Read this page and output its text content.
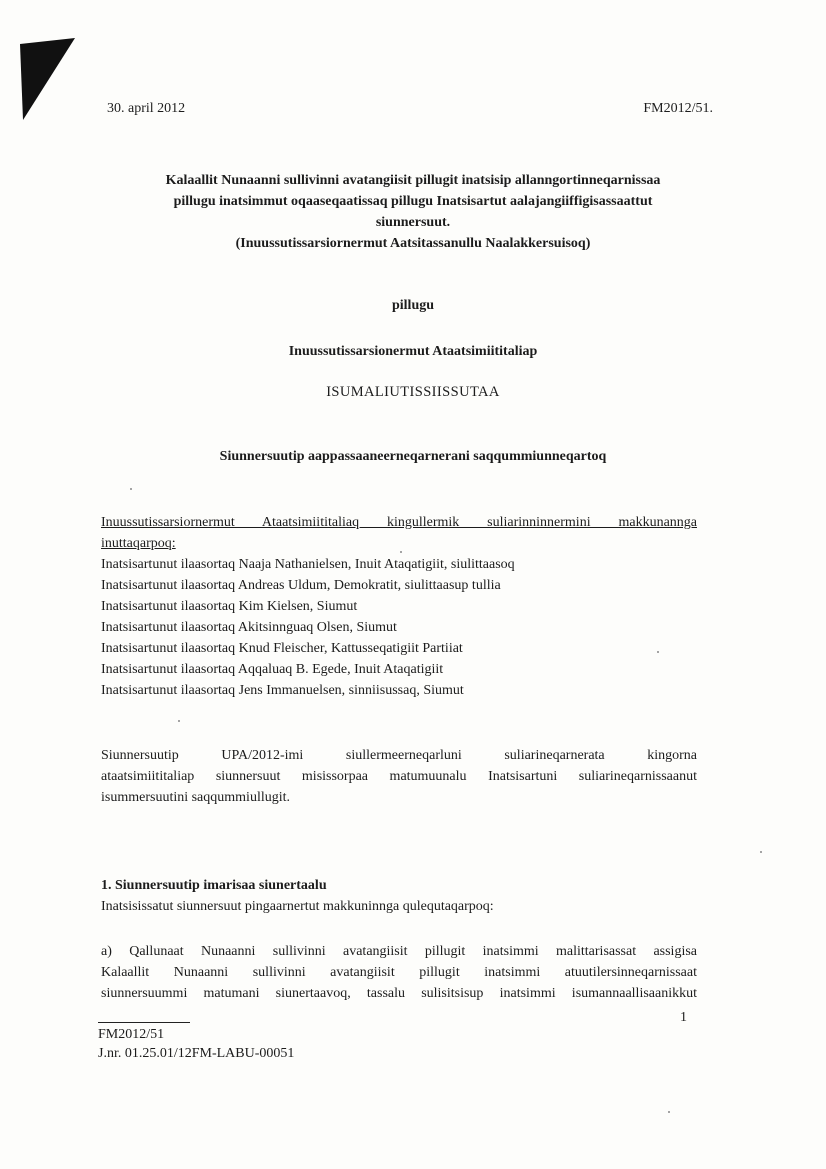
30. april 2012	FM2012/51.
Kalaallit Nunaanni sullivinni avatangiisit pillugit inatsisip allanngortinneqarnissaa
pillugu inatsimmut oqaaseqaatissaq pillugu Inatsisartut aalajangiiffigisassaattut
siunnersuut.
(Inuussutissarsiornermut Aatsitassanullu Naalakkersuisoq)
pillugu
Inuussutissarsionermut Ataatsimiititaliap
ISUMALIUTISSIISSUTAA
Siunnersuutip aappassaaneerneqarnerani saqqummiunneqartoq
Inuussutissarsiornermut Ataatsimiititaliaq kingullermik suliarinninnermini makkunannga
inuttaqarpoq:
Inatsisartunut ilaasortaq Naaja Nathanielsen, Inuit Ataqatigiit, siulittaasoq
Inatsisartunut ilaasortaq Andreas Uldum, Demokratit, siulittaasup tullia
Inatsisartunut ilaasortaq Kim Kielsen, Siumut
Inatsisartunut ilaasortaq Akitsinnguaq Olsen, Siumut
Inatsisartunut ilaasortaq Knud Fleischer, Kattusseqatigiit Partiiat
Inatsisartunut ilaasortaq Aqqaluaq B. Egede, Inuit Ataqatigiit
Inatsisartunut ilaasortaq Jens Immanuelsen, sinniisussaq, Siumut
Siunnersuutip UPA/2012-imi siullermeerneqarluni suliarineqarnerata kingorna
ataatsimiititaliap siunnersuut misissorpaa matumuunalu Inatsisartuni suliarineqarnissaanut
isummersuutini saqqummiullugit.
1. Siunnersuutip imarisaa siunertaalu
Inatsisissatut siunnersuut pingaarnertut makkuninnga qulequtaqarpoq:
a) Qallunaat Nunaanni sullivinni avatangiisit pillugit inatsimmi malittarisassat assigisa
Kalaallit Nunaanni sullivinni avatangiisit pillugit inatsimmi atuutilersinneqarnissaat
siunnersuummi matumani siunertaavoq, tassalu sulisitsisup inatsimmi isumannaallisaanikkut
1
FM2012/51
J.nr. 01.25.01/12FM-LABU-00051
